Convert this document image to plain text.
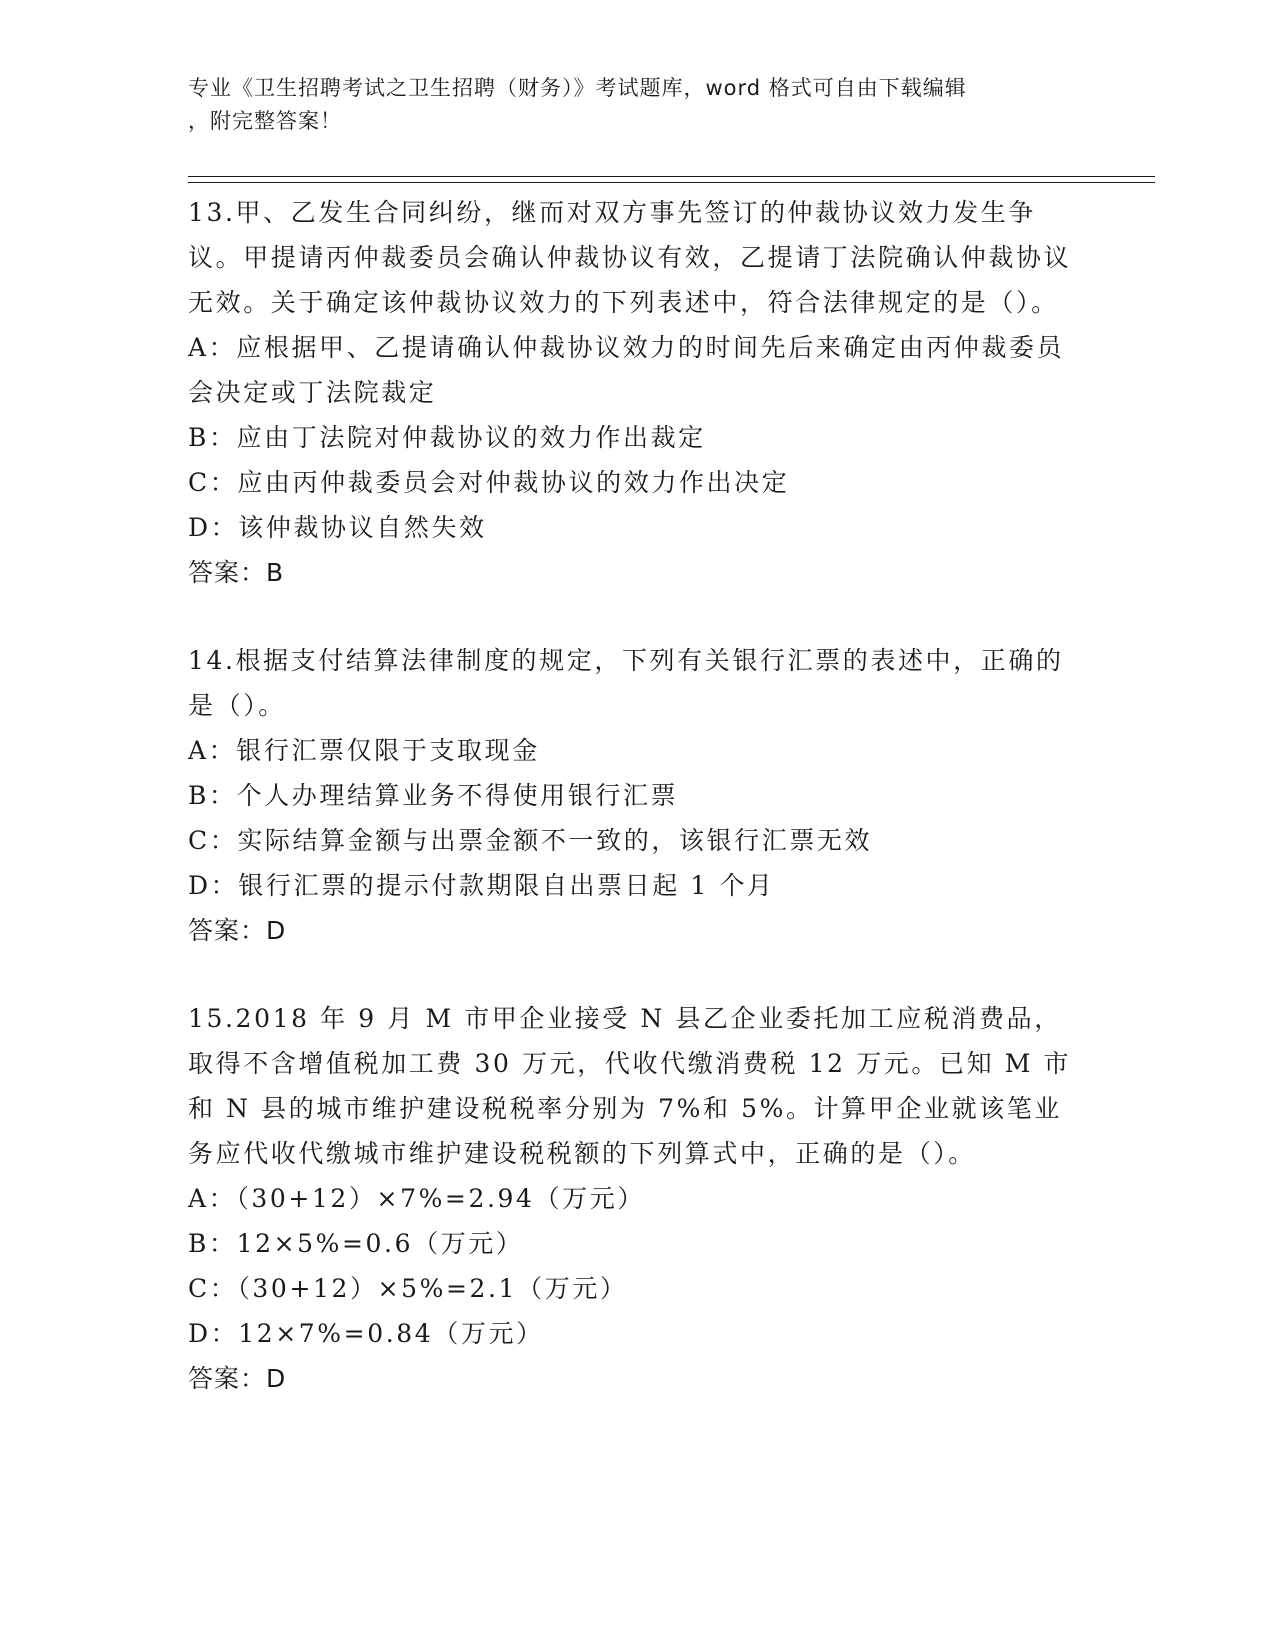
专业《卫生招聘考试之卫生招聘（财务）》考试题库，word 格式可自由下载编辑
，附完整答案！
13.甲、乙发生合同纠纷，继而对双方事先签订的仲裁协议效力发生争议。甲提请丙仲裁委员会确认仲裁协议有效，乙提请丁法院确认仲裁协议无效。关于确定该仲裁协议效力的下列表述中，符合法律规定的是（）。
A：应根据甲、乙提请确认仲裁协议效力的时间先后来确定由丙仲裁委员会决定或丁法院裁定
B：应由丁法院对仲裁协议的效力作出裁定
C：应由丙仲裁委员会对仲裁协议的效力作出决定
D：该仲裁协议自然失效
答案：B
14.根据支付结算法律制度的规定，下列有关银行汇票的表述中，正确的是（）。
A：银行汇票仅限于支取现金
B：个人办理结算业务不得使用银行汇票
C：实际结算金额与出票金额不一致的，该银行汇票无效
D：银行汇票的提示付款期限自出票日起 1 个月
答案：D
15.2018 年 9 月 M 市甲企业接受 N 县乙企业委托加工应税消费品，取得不含增值税加工费 30 万元，代收代缴消费税 12 万元。已知 M 市和 N 县的城市维护建设税税率分别为 7%和 5%。计算甲企业就该笔业务应代收代缴城市维护建设税税额的下列算式中，正确的是（）。
A：（30+12）×7%=2.94（万元）
B：12×5%=0.6（万元）
C：（30+12）×5%=2.1（万元）
D：12×7%=0.84（万元）
答案：D
